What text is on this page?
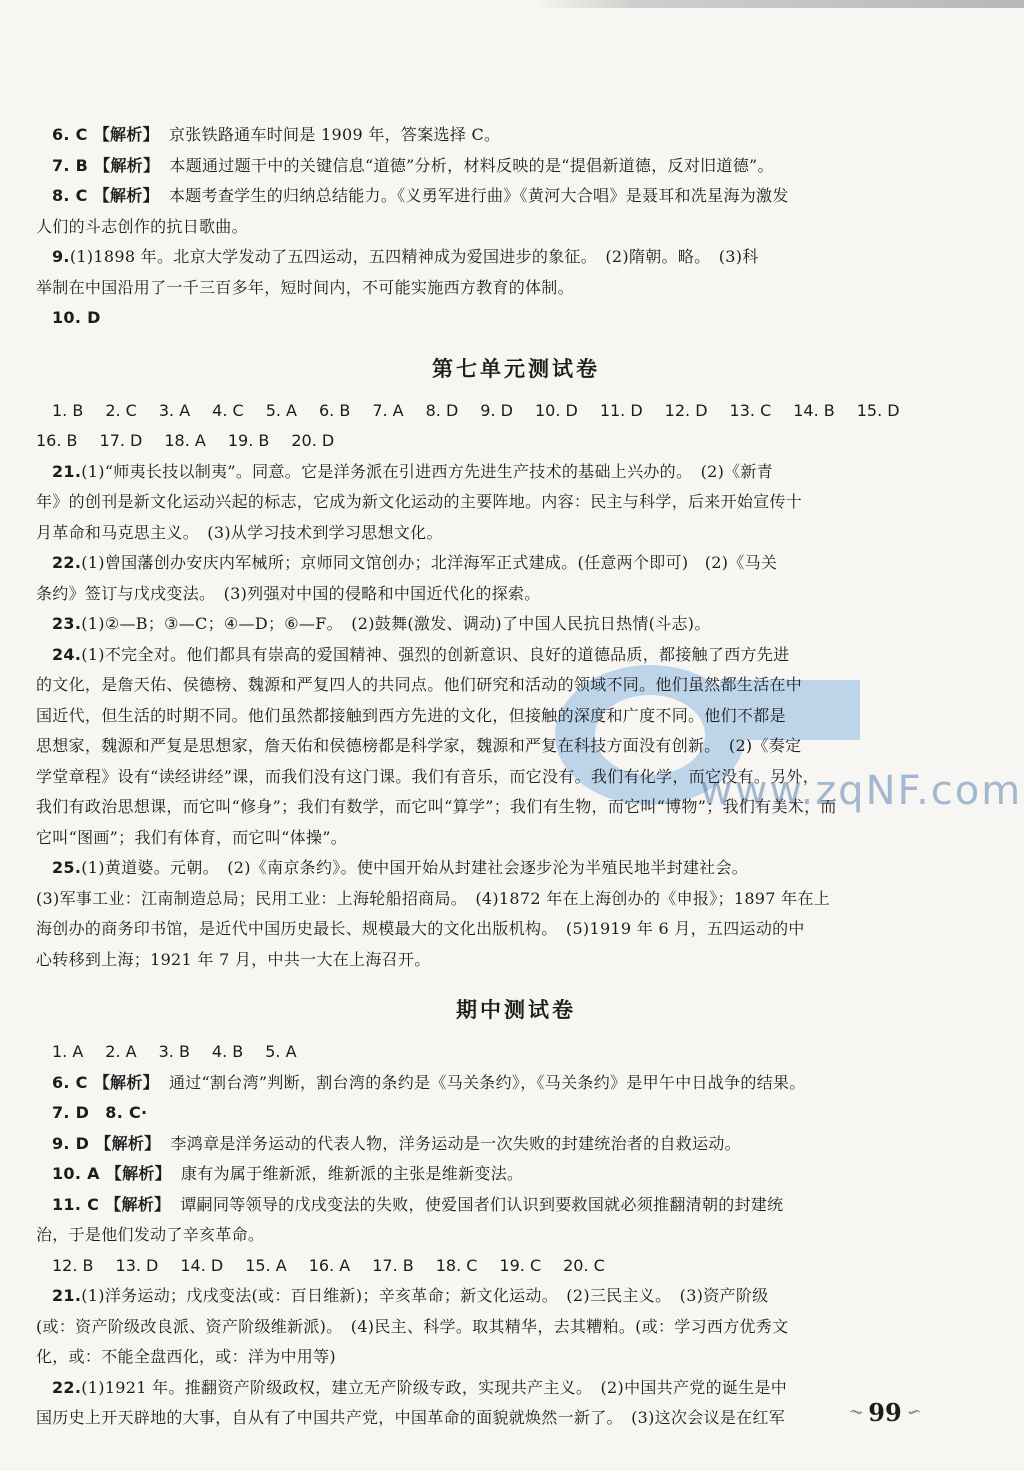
www.zqNF.com

6. C 【解析】 京张铁路通车时间是 1909 年，答案选择 C。

7. B 【解析】 本题通过题干中的关键信息“道德”分析，材料反映的是“提倡新道德，反对旧道德”。

8. C 【解析】 本题考查学生的归纳总结能力。《义勇军进行曲》《黄河大合唱》是聂耳和冼星海为激发

人们的斗志创作的抗日歌曲。

9.(1)1898 年。北京大学发动了五四运动，五四精神成为爱国进步的象征。　(2)隋朝。略。　(3)科

举制在中国沿用了一千三百多年，短时间内，不可能实施西方教育的体制。

10. D

第七单元测试卷

1. B 2. C 3. A 4. C 5. A 6. B 7. A 8. D 9. D 10. D 11. D 12. D 13. C 14. B 15. D

16. B 17. D 18. A 19. B 20. D

21.(1)“师夷长技以制夷”。同意。它是洋务派在引进西方先进生产技术的基础上兴办的。　(2)《新青

年》的创刊是新文化运动兴起的标志，它成为新文化运动的主要阵地。内容：民主与科学，后来开始宣传十

月革命和马克思主义。　(3)从学习技术到学习思想文化。

22.(1)曾国藩创办安庆内军械所；京师同文馆创办；北洋海军正式建成。(任意两个即可)　(2)《马关

条约》签订与戊戌变法。　(3)列强对中国的侵略和中国近代化的探索。

23.(1)②—B；③—C；④—D；⑥—F。　(2)鼓舞(激发、调动)了中国人民抗日热情(斗志)。

24.(1)不完全对。他们都具有崇高的爱国精神、强烈的创新意识、良好的道德品质，都接触了西方先进

的文化，是詹天佑、侯德榜、魏源和严复四人的共同点。他们研究和活动的领域不同。他们虽然都生活在中

国近代，但生活的时期不同。他们虽然都接触到西方先进的文化，但接触的深度和广度不同。他们不都是

思想家，魏源和严复是思想家，詹天佑和侯德榜都是科学家，魏源和严复在科技方面没有创新。　(2)《奏定

学堂章程》设有“读经讲经”课，而我们没有这门课。我们有音乐，而它没有。我们有化学，而它没有。另外，

我们有政治思想课，而它叫“修身”；我们有数学，而它叫“算学”；我们有生物，而它叫“博物”；我们有美术，而

它叫“图画”；我们有体育，而它叫“体操”。

25.(1)黄道婆。元朝。　(2)《南京条约》。使中国开始从封建社会逐步沦为半殖民地半封建社会。

(3)军事工业：江南制造总局；民用工业：上海轮船招商局。　(4)1872 年在上海创办的《申报》；1897 年在上

海创办的商务印书馆，是近代中国历史最长、规模最大的文化出版机构。　(5)1919 年 6 月，五四运动的中

心转移到上海；1921 年 7 月，中共一大在上海召开。

期中测试卷

1. A 2. A 3. B 4. B 5. A

6. C 【解析】 通过“割台湾”判断，割台湾的条约是《马关条约》，《马关条约》是甲午中日战争的结果。

7. D 8. C·

9. D 【解析】 李鸿章是洋务运动的代表人物，洋务运动是一次失败的封建统治者的自救运动。

10. A 【解析】 康有为属于维新派，维新派的主张是维新变法。

11. C 【解析】 谭嗣同等领导的戊戌变法的失败，使爱国者们认识到要救国就必须推翻清朝的封建统

治，于是他们发动了辛亥革命。

12. B 13. D 14. D 15. A 16. A 17. B 18. C 19. C 20. C

21.(1)洋务运动；戊戌变法(或：百日维新)；辛亥革命；新文化运动。　(2)三民主义。　(3)资产阶级

(或：资产阶级改良派、资产阶级维新派)。　(4)民主、科学。取其精华，去其糟粕。(或：学习西方优秀文

化，或：不能全盘西化，或：洋为中用等)

22.(1)1921 年。推翻资产阶级政权，建立无产阶级专政，实现共产主义。　(2)中国共产党的诞生是中

国历史上开天辟地的大事，自从有了中国共产党，中国革命的面貌就焕然一新了。　(3)这次会议是在红军	99
